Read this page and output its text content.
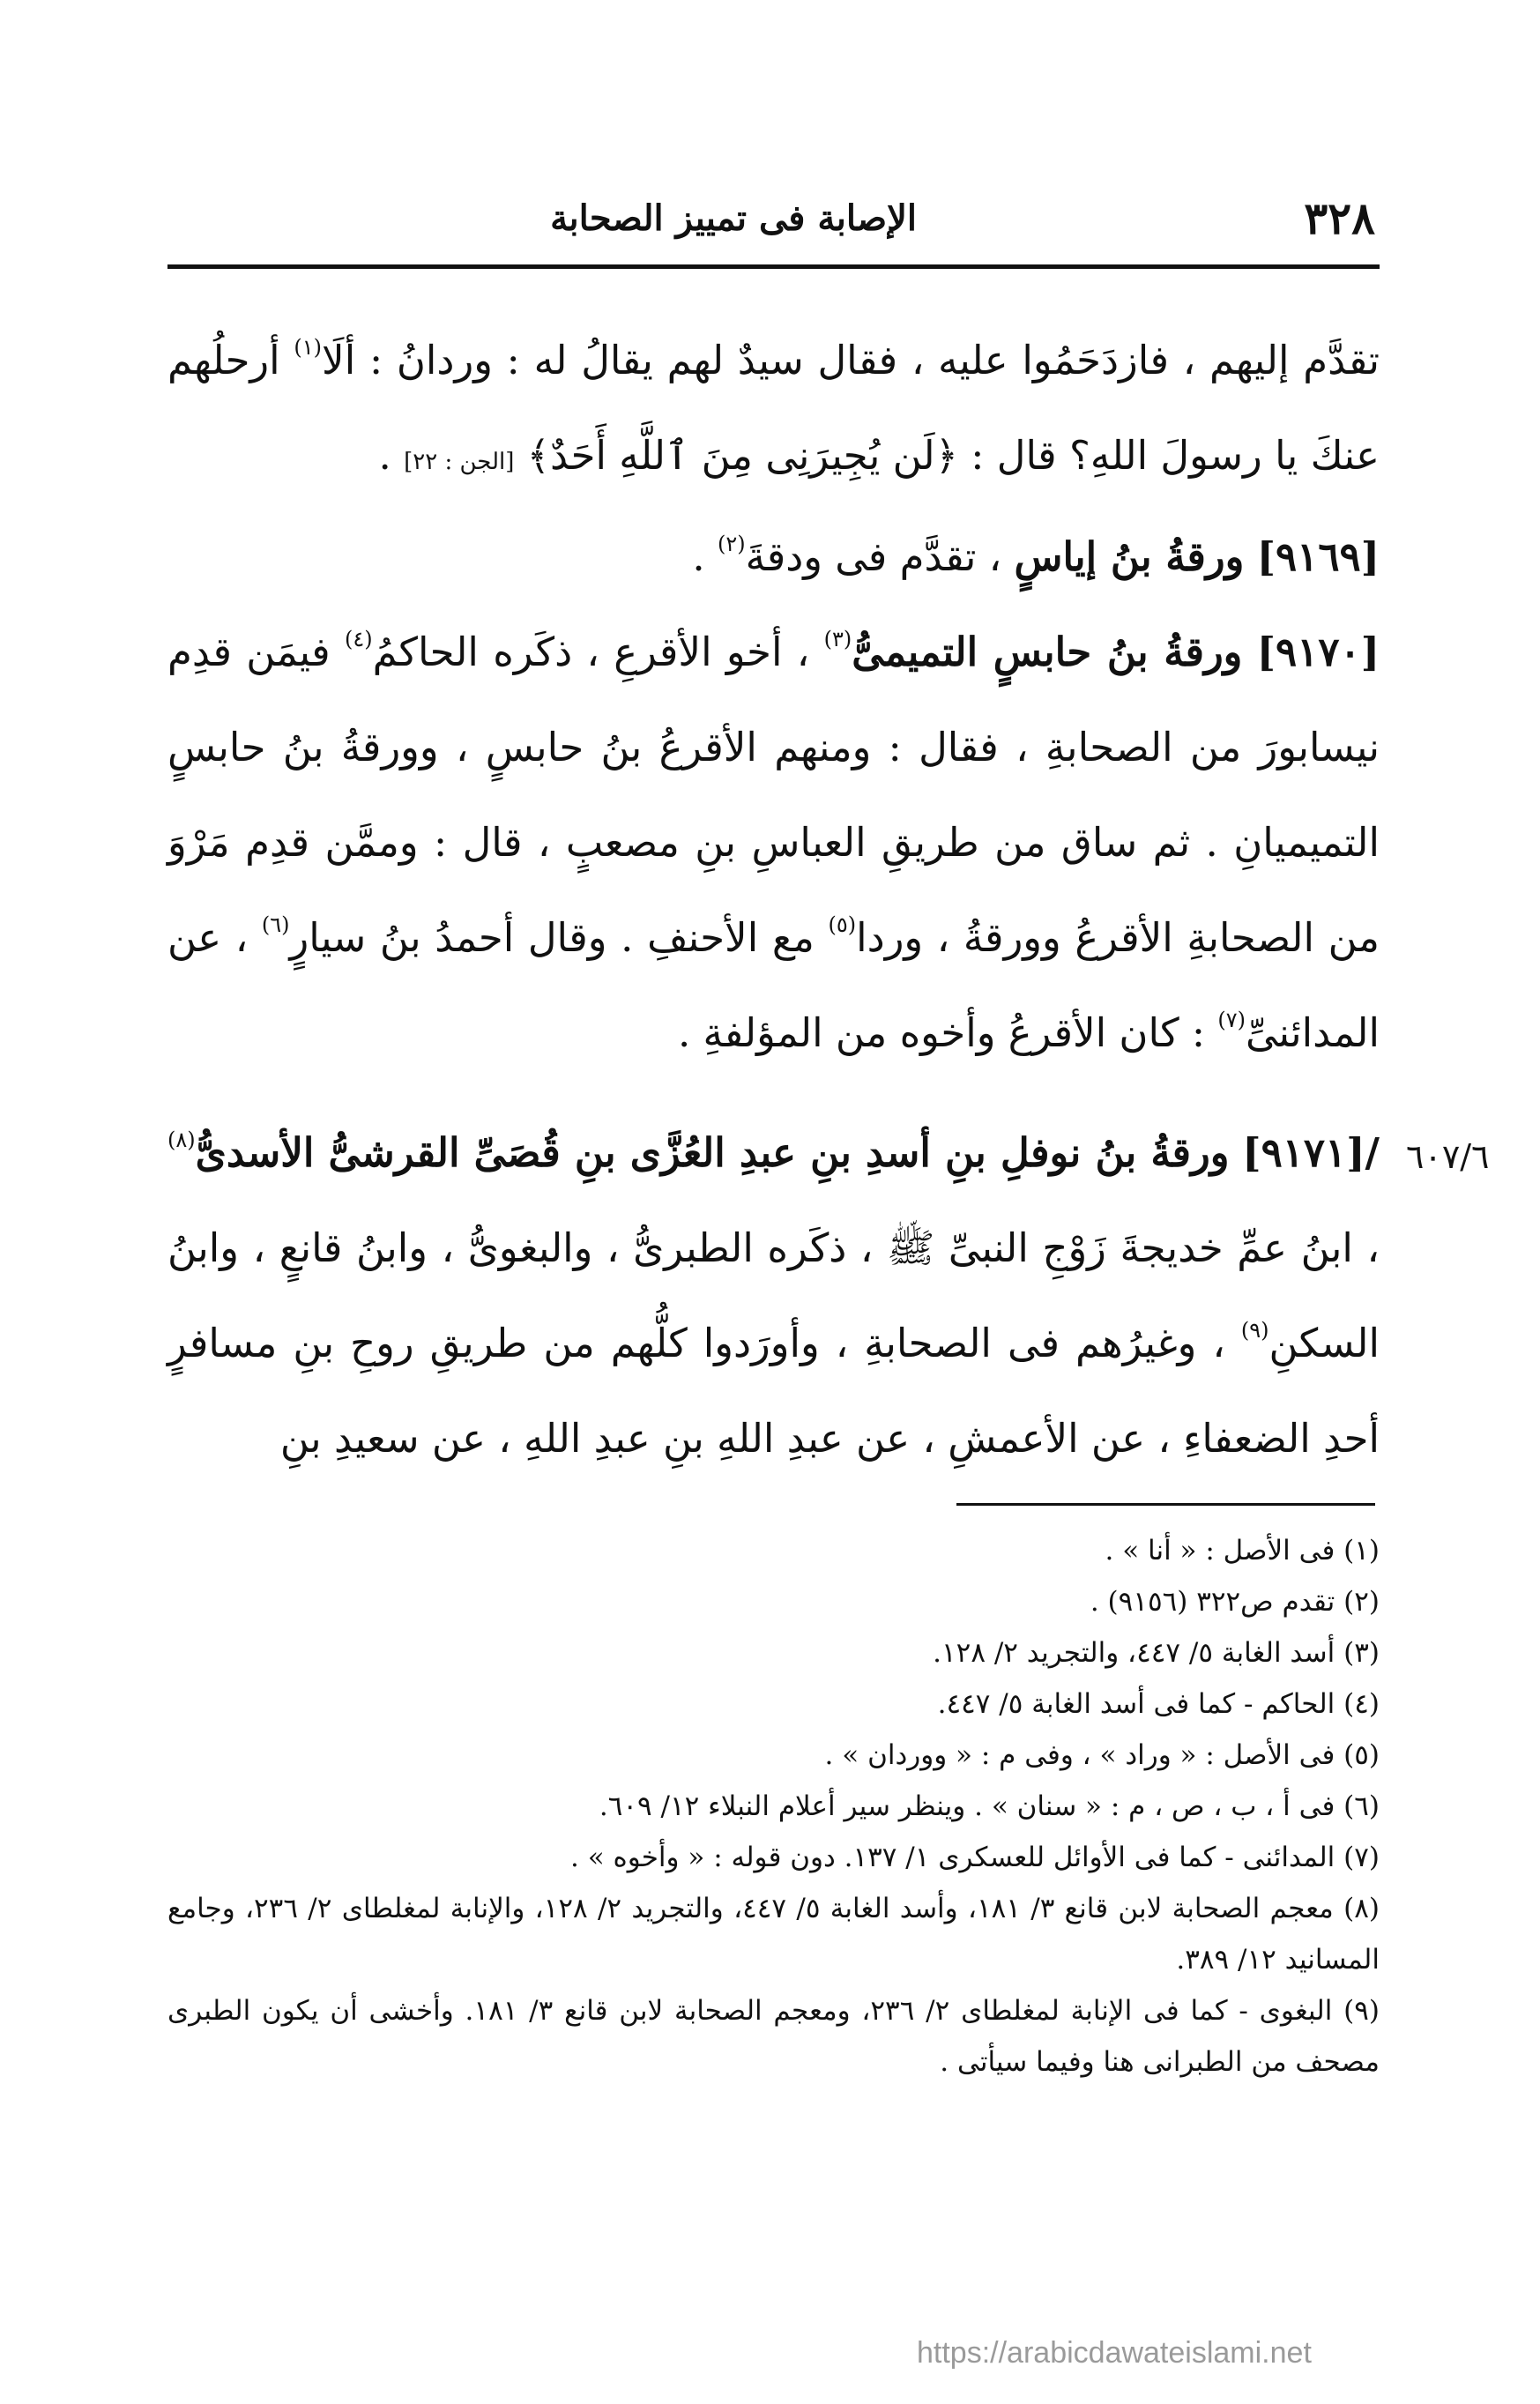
٣٢٨
الإصابة فى تمييز الصحابة

تقدَّم إليهم ، فازدَحَمُوا عليه ، فقال سيدٌ لهم يقالُ له : وردانُ : ألَا$^{(١)}$ أرحلُهم عنكَ يا رسولَ اللهِ؟ قال : ﴿لَن يُجِيرَنِى مِنَ ٱللَّهِ أَحَدٌ﴾ [الجن : ٢٢] .

[٩١٦٩] ورقةُ بنُ إياسٍ ، تقدَّم فى ودقةَ$^{(٢)}$ .

[٩١٧٠] ورقةُ بنُ حابسٍ التميمىُّ$^{(٣)}$ ، أخو الأقرعِ ، ذكَره الحاكمُ$^{(٤)}$ فيمَن قدِم نيسابورَ من الصحابةِ ، فقال : ومنهم الأقرعُ بنُ حابسٍ ، وورقةُ بنُ حابسٍ التميميانِ . ثم ساق من طريقِ العباسِ بنِ مصعبٍ ، قال : وممَّن قدِم مَرْوَ من الصحابةِ الأقرعُ وورقةُ ، وردا$^{(٥)}$ مع الأحنفِ . وقال أحمدُ بنُ سيارٍ$^{(٦)}$ ، عن المدائنىِّ$^{(٧)}$ : كان الأقرعُ وأخوه من المؤلفةِ .

/[٩١٧١] ورقةُ بنُ نوفلِ بنِ أسدِ بنِ عبدِ العُزَّى بنِ قُصَىِّ القرشىُّ الأسدىُّ$^{(٨)}$ ، ابنُ عمِّ خديجةَ زَوْجِ النبىِّ ﷺ ، ذكَره الطبرىُّ ، والبغوىُّ ، وابنُ قانعٍ ، وابنُ السكنِ$^{(٩)}$ ، وغيرُهم فى الصحابةِ ، وأورَدوا كلُّهم من طريقِ روحِ بنِ مسافرٍ أحدِ الضعفاءِ ، عن الأعمشِ ، عن عبدِ اللهِ بنِ عبدِ اللهِ ، عن سعيدِ بنِ

٦٠٧/٦

(١) فى الأصل : « أنا » .

(٢) تقدم ص٣٢٢ (٩١٥٦) .

(٣) أسد الغابة ٥/ ٤٤٧، والتجريد ٢/ ١٢٨.

(٤) الحاكم - كما فى أسد الغابة ٥/ ٤٤٧.

(٥) فى الأصل : « وراد » ، وفى م : « ووردان » .

(٦) فى أ ، ب ، ص ، م : « سنان » . وينظر سير أعلام النبلاء ١٢/ ٦٠٩.

(٧) المدائنى - كما فى الأوائل للعسكرى ١/ ١٣٧. دون قوله : « وأخوه » .

(٨) معجم الصحابة لابن قانع ٣/ ١٨١، وأسد الغابة ٥/ ٤٤٧، والتجريد ٢/ ١٢٨، والإنابة لمغلطاى ٢/ ٢٣٦، وجامع المسانيد ١٢/ ٣٨٩.

(٩) البغوى - كما فى الإنابة لمغلطاى ٢/ ٢٣٦، ومعجم الصحابة لابن قانع ٣/ ١٨١. وأخشى أن يكون الطبرى مصحف من الطبرانى هنا وفيما سيأتى .

https://arabicdawateislami.net
